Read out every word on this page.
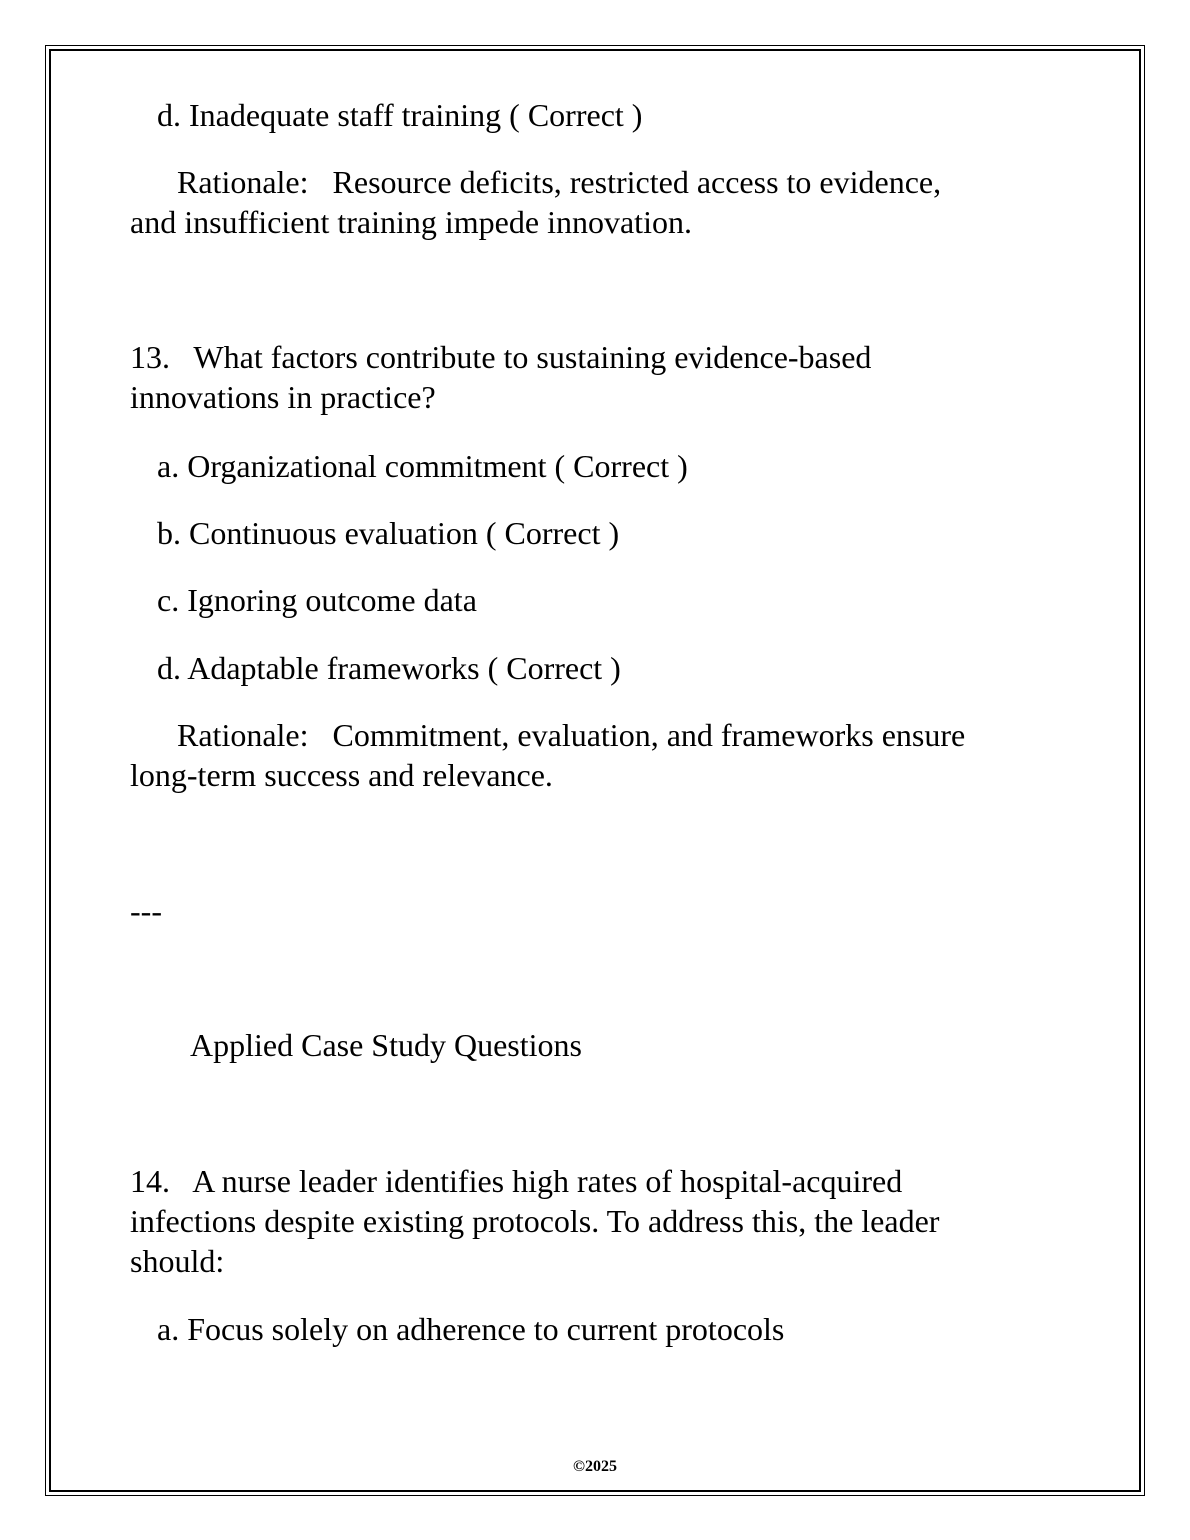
d. Inadequate staff training ( Correct )

Rationale:   Resource deficits, restricted access to evidence,

and insufficient training impede innovation.

13.   What factors contribute to sustaining evidence-based

innovations in practice?

a. Organizational commitment ( Correct )

b. Continuous evaluation ( Correct )

c. Ignoring outcome data

d. Adaptable frameworks ( Correct )

Rationale:   Commitment, evaluation, and frameworks ensure

long-term success and relevance.

---

Applied Case Study Questions

14.   A nurse leader identifies high rates of hospital-acquired

infections despite existing protocols. To address this, the leader

should:

a. Focus solely on adherence to current protocols

©2025
